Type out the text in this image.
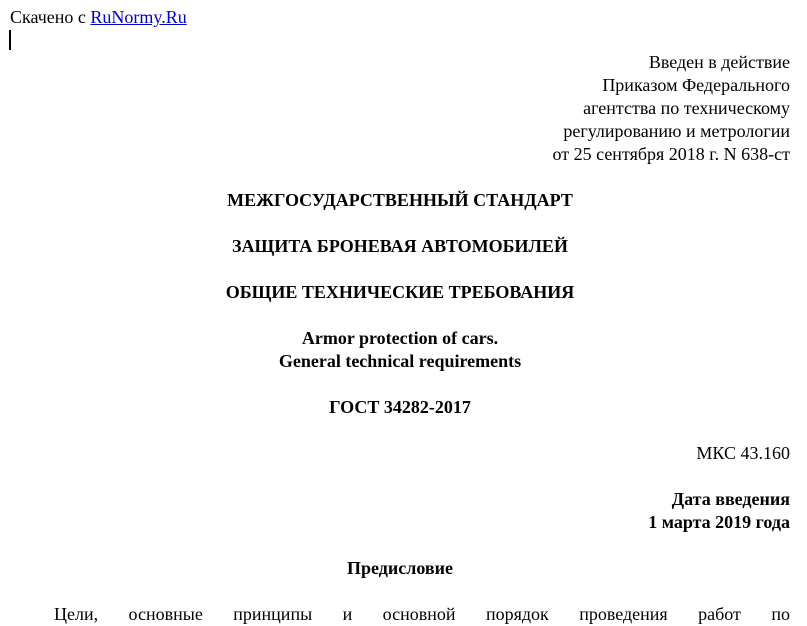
Скачено с RuNormy.Ru
Введен в действие
Приказом Федерального
агентства по техническому
регулированию и метрологии
от 25 сентября 2018 г. N 638-ст
МЕЖГОСУДАРСТВЕННЫЙ СТАНДАРТ
ЗАЩИТА БРОНЕВАЯ АВТОМОБИЛЕЙ
ОБЩИЕ ТЕХНИЧЕСКИЕ ТРЕБОВАНИЯ
Armor protection of cars.
General technical requirements
ГОСТ 34282-2017
МКС 43.160
Дата введения
1 марта 2019 года
Предисловие
Цели, основные принципы и основной порядок проведения работ по
